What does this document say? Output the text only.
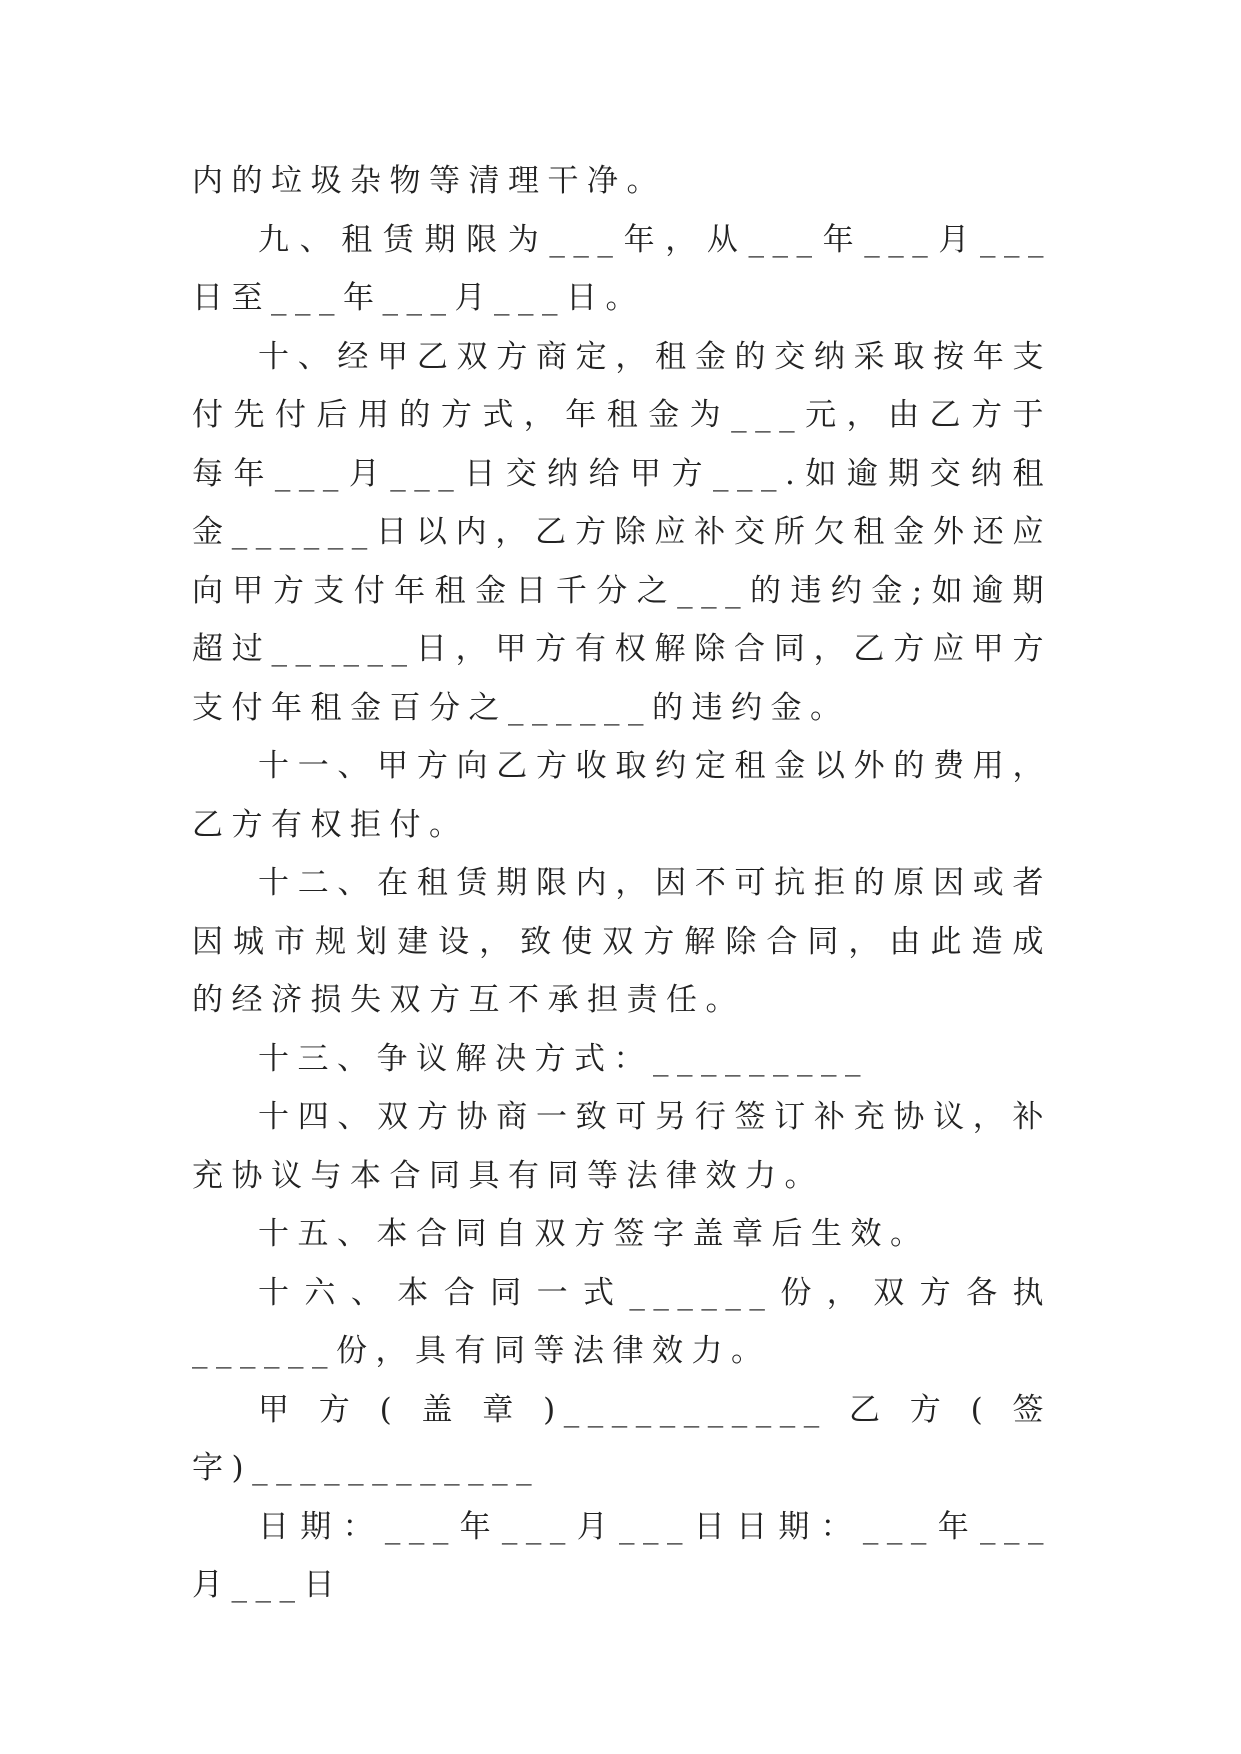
内的垃圾杂物等清理干净。

九、租赁期限为___年，从___年___月___日至___年___月___日。

十、经甲乙双方商定，租金的交纳采取按年支付先付后用的方式，年租金为___元，由乙方于每年___月___日交纳给甲方___.如逾期交纳租金______日以内，乙方除应补交所欠租金外还应向甲方支付年租金日千分之___的违约金;如逾期超过______日，甲方有权解除合同，乙方应甲方支付年租金百分之______的违约金。

十一、甲方向乙方收取约定租金以外的费用，乙方有权拒付。

十二、在租赁期限内，因不可抗拒的原因或者因城市规划建设，致使双方解除合同，由此造成的经济损失双方互不承担责任。

十三、争议解决方式：_________

十四、双方协商一致可另行签订补充协议，补充协议与本合同具有同等法律效力。

十五、本合同自双方签字盖章后生效。

十六、本合同一式______份，双方各执______份，具有同等法律效力。

甲方(盖章)___________乙方(签字)____________

日期：___年___月___日日期：___年___月___日
